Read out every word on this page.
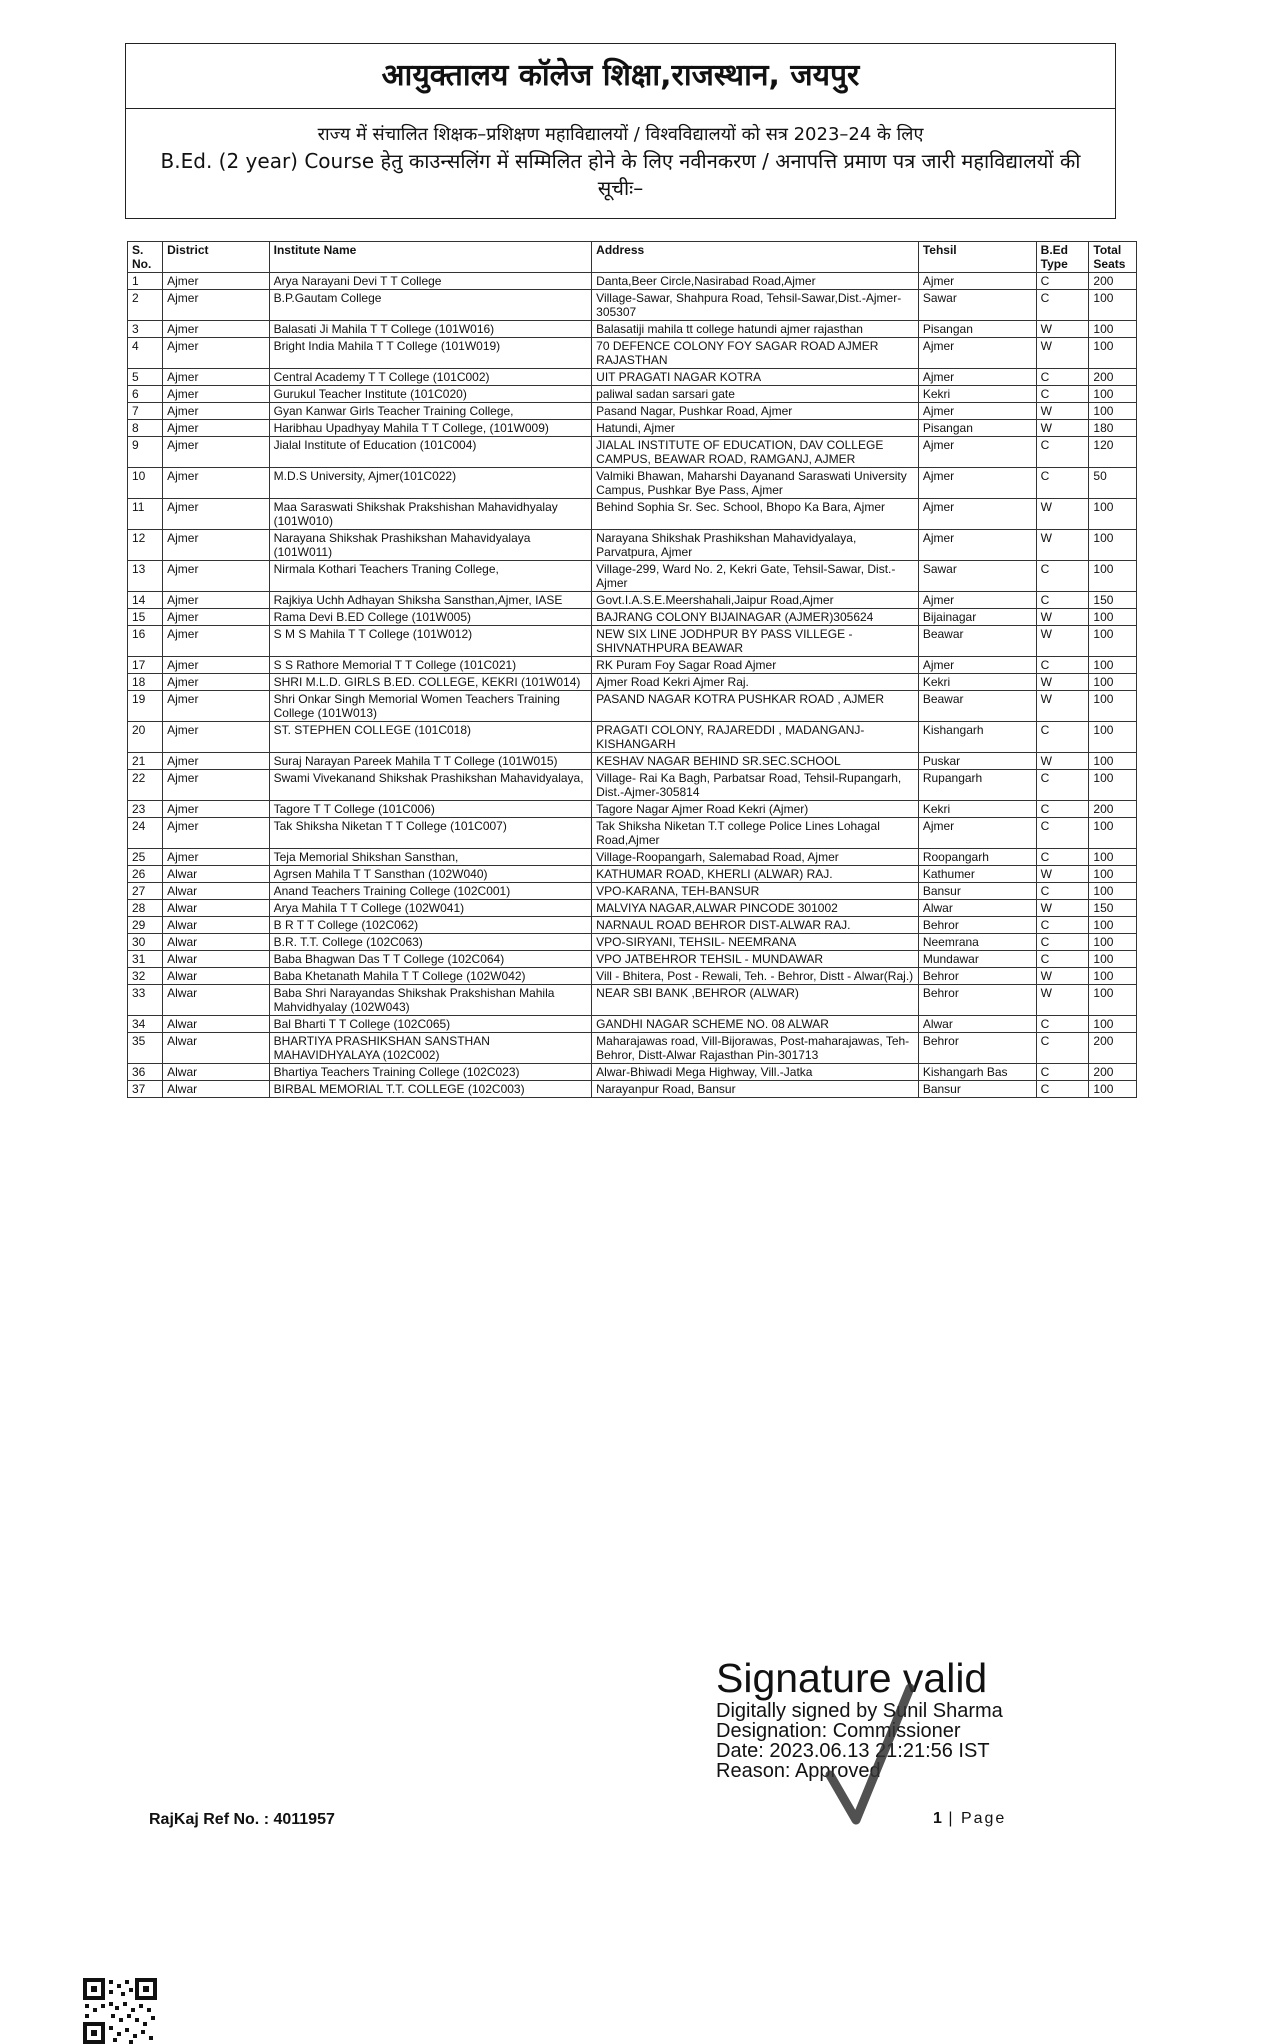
आयुक्तालय कॉलेज शिक्षा,राजस्थान, जयपुर
राज्य में संचालित शिक्षक–प्रशिक्षण महाविद्यालयों / विश्वविद्यालयों को सत्र 2023–24 के लिए
B.Ed. (2 year) Course हेतु काउन्सलिंग में सम्मिलित होने के लिए नवीनकरण / अनापत्ति प्रमाण पत्र जारी महाविद्यालयों की सूचीः–
S. No.	District	Institute Name	Address	Tehsil	B.Ed Type	Total Seats
1	Ajmer	Arya Narayani Devi T T College	Danta,Beer Circle,Nasirabad Road,Ajmer	Ajmer	C	200
2	Ajmer	B.P.Gautam College	Village-Sawar, Shahpura Road, Tehsil-Sawar,Dist.-Ajmer-305307	Sawar	C	100
3	Ajmer	Balasati Ji Mahila T T College (101W016)	Balasatiji mahila tt college hatundi ajmer rajasthan	Pisangan	W	100
4	Ajmer	Bright India Mahila T T College (101W019)	70 DEFENCE COLONY FOY SAGAR ROAD AJMER RAJASTHAN	Ajmer	W	100
5	Ajmer	Central Academy T T College (101C002)	UIT PRAGATI NAGAR KOTRA	Ajmer	C	200
6	Ajmer	Gurukul Teacher Institute (101C020)	paliwal sadan sarsari gate	Kekri	C	100
7	Ajmer	Gyan Kanwar Girls Teacher Training College,	Pasand Nagar, Pushkar Road, Ajmer	Ajmer	W	100
8	Ajmer	Haribhau Upadhyay Mahila T T College, (101W009)	Hatundi, Ajmer	Pisangan	W	180
9	Ajmer	Jialal Institute of Education (101C004)	JIALAL INSTITUTE OF EDUCATION, DAV COLLEGE CAMPUS, BEAWAR ROAD, RAMGANJ, AJMER	Ajmer	C	120
10	Ajmer	M.D.S University, Ajmer(101C022)	Valmiki Bhawan, Maharshi Dayanand Saraswati University Campus, Pushkar Bye Pass, Ajmer	Ajmer	C	50
11	Ajmer	Maa Saraswati Shikshak Prakshishan Mahavidhyalay (101W010)	Behind Sophia Sr. Sec. School, Bhopo Ka Bara, Ajmer	Ajmer	W	100
12	Ajmer	Narayana Shikshak Prashikshan Mahavidyalaya (101W011)	Narayana Shikshak Prashikshan Mahavidyalaya, Parvatpura, Ajmer	Ajmer	W	100
13	Ajmer	Nirmala Kothari Teachers Traning College,	Village-299, Ward No. 2, Kekri Gate, Tehsil-Sawar, Dist.-Ajmer	Sawar	C	100
14	Ajmer	Rajkiya Uchh Adhayan Shiksha Sansthan,Ajmer, IASE	Govt.I.A.S.E.Meershahali,Jaipur Road,Ajmer	Ajmer	C	150
15	Ajmer	Rama Devi B.ED College (101W005)	BAJRANG COLONY BIJAINAGAR (AJMER)305624	Bijainagar	W	100
16	Ajmer	S M S Mahila T T College (101W012)	NEW SIX LINE JODHPUR BY PASS VILLEGE - SHIVNATHPURA BEAWAR	Beawar	W	100
17	Ajmer	S S Rathore Memorial T T College (101C021)	RK Puram Foy Sagar Road Ajmer	Ajmer	C	100
18	Ajmer	SHRI M.L.D. GIRLS B.ED. COLLEGE, KEKRI (101W014)	Ajmer Road Kekri Ajmer Raj.	Kekri	W	100
19	Ajmer	Shri Onkar Singh Memorial Women Teachers Training College (101W013)	PASAND NAGAR KOTRA PUSHKAR ROAD , AJMER	Beawar	W	100
20	Ajmer	ST. STEPHEN COLLEGE (101C018)	PRAGATI COLONY, RAJAREDDI , MADANGANJ-KISHANGARH	Kishangarh	C	100
21	Ajmer	Suraj Narayan Pareek Mahila T T College (101W015)	KESHAV NAGAR BEHIND SR.SEC.SCHOOL	Puskar	W	100
22	Ajmer	Swami Vivekanand Shikshak Prashikshan Mahavidyalaya,	Village- Rai Ka Bagh, Parbatsar Road, Tehsil-Rupangarh, Dist.-Ajmer-305814	Rupangarh	C	100
23	Ajmer	Tagore T T College (101C006)	Tagore Nagar Ajmer Road Kekri (Ajmer)	Kekri	C	200
24	Ajmer	Tak Shiksha Niketan T T College (101C007)	Tak Shiksha Niketan T.T college Police Lines Lohagal Road,Ajmer	Ajmer	C	100
25	Ajmer	Teja Memorial Shikshan Sansthan,	Village-Roopangarh, Salemabad Road, Ajmer	Roopangarh	C	100
26	Alwar	Agrsen Mahila T T Sansthan (102W040)	KATHUMAR ROAD, KHERLI (ALWAR) RAJ.	Kathumer	W	100
27	Alwar	Anand Teachers Training College (102C001)	VPO-KARANA, TEH-BANSUR	Bansur	C	100
28	Alwar	Arya Mahila T T College (102W041)	MALVIYA NAGAR,ALWAR PINCODE 301002	Alwar	W	150
29	Alwar	B R T T College (102C062)	NARNAUL ROAD BEHROR DIST-ALWAR RAJ.	Behror	C	100
30	Alwar	B.R. T.T. College (102C063)	VPO-SIRYANI, TEHSIL- NEEMRANA	Neemrana	C	100
31	Alwar	Baba Bhagwan Das T T College (102C064)	VPO JATBEHROR TEHSIL - MUNDAWAR	Mundawar	C	100
32	Alwar	Baba Khetanath Mahila T T College (102W042)	Vill - Bhitera, Post - Rewali, Teh. - Behror, Distt - Alwar(Raj.)	Behror	W	100
33	Alwar	Baba Shri Narayandas Shikshak Prakshishan Mahila Mahvidhyalay (102W043)	NEAR SBI BANK ,BEHROR (ALWAR)	Behror	W	100
34	Alwar	Bal Bharti T T College (102C065)	GANDHI NAGAR SCHEME NO. 08 ALWAR	Alwar	C	100
35	Alwar	BHARTIYA PRASHIKSHAN SANSTHAN MAHAVIDHYALAYA (102C002)	Maharajawas road, Vill-Bijorawas, Post-maharajawas, Teh-Behror, Distt-Alwar Rajasthan Pin-301713	Behror	C	200
36	Alwar	Bhartiya Teachers Training College (102C023)	Alwar-Bhiwadi Mega Highway, Vill.-Jatka	Kishangarh Bas	C	200
37	Alwar	BIRBAL MEMORIAL T.T. COLLEGE (102C003)	Narayanpur Road, Bansur	Bansur	C	100
Signature valid
Digitally signed by Sunil Sharma
Designation: Commissioner
Date: 2023.06.13 21:21:56 IST
Reason: Approved
RajKaj Ref No. : 4011957	1 | Page
